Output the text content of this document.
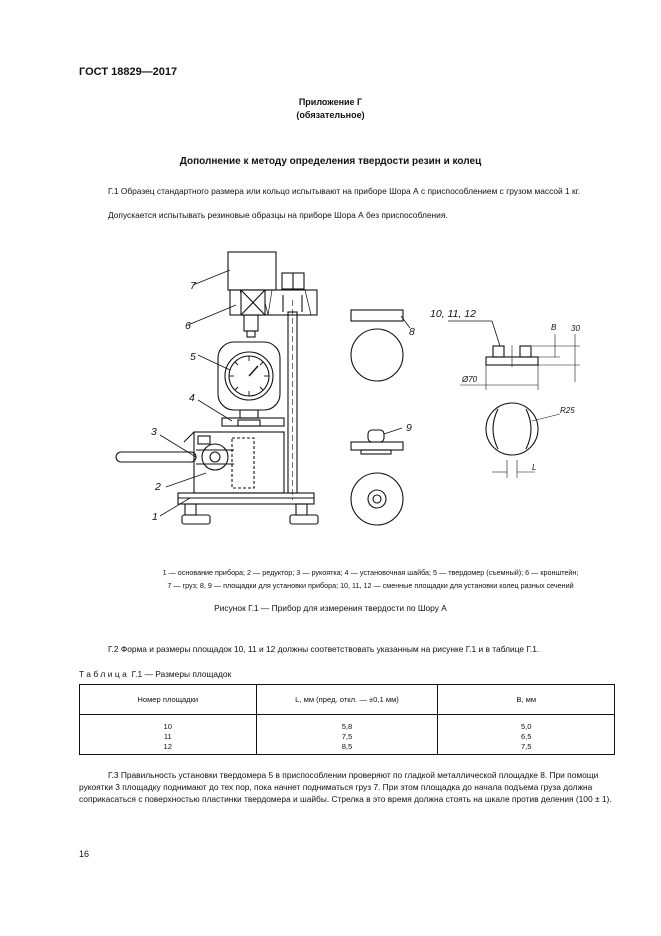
ГОСТ 18829—2017
Приложение Г
(обязательное)
Дополнение к методу определения твердости резин и колец
Г.1 Образец стандартного размера или кольцо испытывают на приборе Шора А с приспособлением с грузом массой 1 кг.
Допускается испытывать резиновые образцы на приборе Шора А без приспособления.
7
6
5
4
3
2
1
8
9
10, 11, 12
B 30
Ø70
R25
L
1 — основание прибора; 2 — редуктор; 3 — рукоятка; 4 — установочная шайба; 5 — твердомер (съемный); 6 — кронштейн;
7 — груз; 8, 9 — площадки для установки прибора; 10, 11, 12 — сменные площадки для установки колец разных сечений
Рисунок Г.1 — Прибор для измерения твердости по Шору А
Г.2 Форма и размеры площадок 10, 11 и 12 должны соответствовать указанным на рисунке Г.1 и в таблице Г.1.
Таблица Г.1 — Размеры площадок
Номер площадки	L, мм (пред. откл. — ±0,1 мм)	B, мм
10	5,8	5,0
11	7,5	6,5
12	8,5	7,5
Г.3 Правильность установки твердомера 5 в приспособлении проверяют по гладкой металлической площадке 8. При помощи рукоятки 3 площадку поднимают до тех пор, пока начнет подниматься груз 7. При этом площадка до начала подъема груза должна соприкасаться с поверхностью пластинки твердомера и шайбы. Стрелка в это время должна стоять на шкале против деления (100 ± 1).
16
